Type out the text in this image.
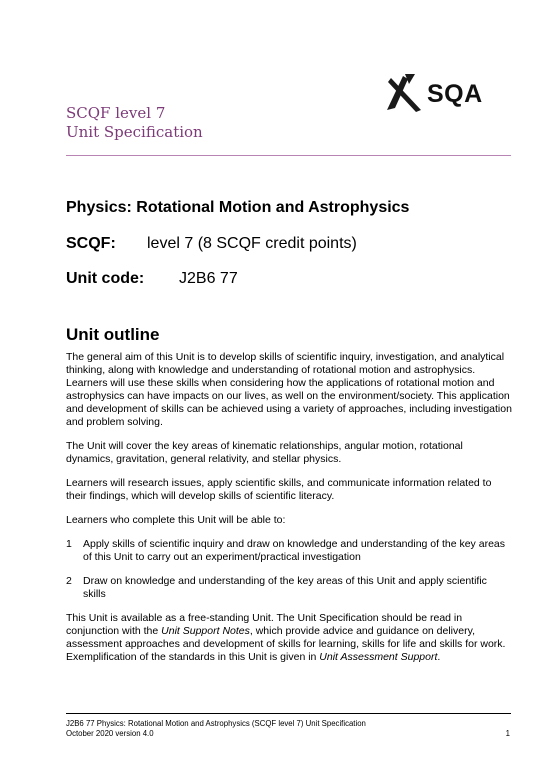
SQA
SCQF level 7
Unit Specification
Physics: Rotational Motion and Astrophysics
SCQF: level 7 (8 SCQF credit points)
Unit code: J2B6 77
Unit outline

The general aim of this Unit is to develop skills of scientific inquiry, investigation, and analytical thinking, along with knowledge and understanding of rotational motion and astrophysics. Learners will use these skills when considering how the applications of rotational motion and astrophysics can have impacts on our lives, as well on the environment/society. This application and development of skills can be achieved using a variety of approaches, including investigation and problem solving.

The Unit will cover the key areas of kinematic relationships, angular motion, rotational dynamics, gravitation, general relativity, and stellar physics.

Learners will research issues, apply scientific skills, and communicate information related to their findings, which will develop skills of scientific literacy.

Learners who complete this Unit will be able to:

1	Apply skills of scientific inquiry and draw on knowledge and understanding of the key areas of this Unit to carry out an experiment/practical investigation
2	Draw on knowledge and understanding of the key areas of this Unit and apply scientific skills

This Unit is available as a free-standing Unit. The Unit Specification should be read in conjunction with the Unit Support Notes, which provide advice and guidance on delivery, assessment approaches and development of skills for learning, skills for life and skills for work. Exemplification of the standards in this Unit is given in Unit Assessment Support.

J2B6 77 Physics: Rotational Motion and Astrophysics (SCQF level 7) Unit Specification
October 2020 version 4.0	1
